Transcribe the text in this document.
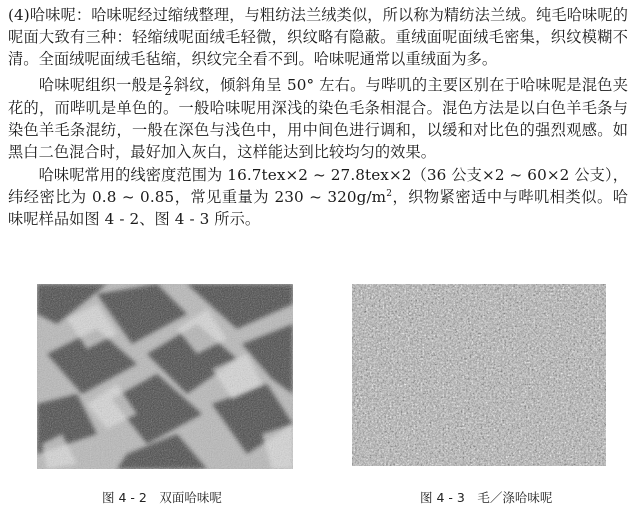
(4)哈味呢：哈味呢经过缩绒整理，与粗纺法兰绒类似，所以称为精纺法兰绒。纯毛哈味呢的呢面大致有三种：轻缩绒呢面绒毛轻微，织纹略有隐蔽。重绒面呢面绒毛密集，织纹模糊不清。全面绒呢面绒毛毡缩，织纹完全看不到。哈味呢通常以重绒面为多。

　　哈味呢组织一般是 $\frac{2}{2}$ 斜纹，倾斜角呈 50° 左右。与哔叽的主要区别在于哈味呢是混色夹花的，而哔叽是单色的。一般哈味呢用深浅的染色毛条相混合。混色方法是以白色羊毛条与染色羊毛条混纺，一般在深色与浅色中，用中间色进行调和，以缓和对比色的强烈观感。如黑白二色混合时，最好加入灰白，这样能达到比较均匀的效果。

　　哈味呢常用的线密度范围为 16.7tex×2 ~ 27.8tex×2（36 公支×2 ~ 60×2 公支），纬经密比为 0.8 ~ 0.85，常见重量为 230 ~ $320g/m^2$，织物紧密适中与哔叽相类似。哈味呢样品如图 4 - 2、图 4 - 3 所示。

图 4 - 2　双面哈味呢	图 4 - 3　毛／涤哈味呢
